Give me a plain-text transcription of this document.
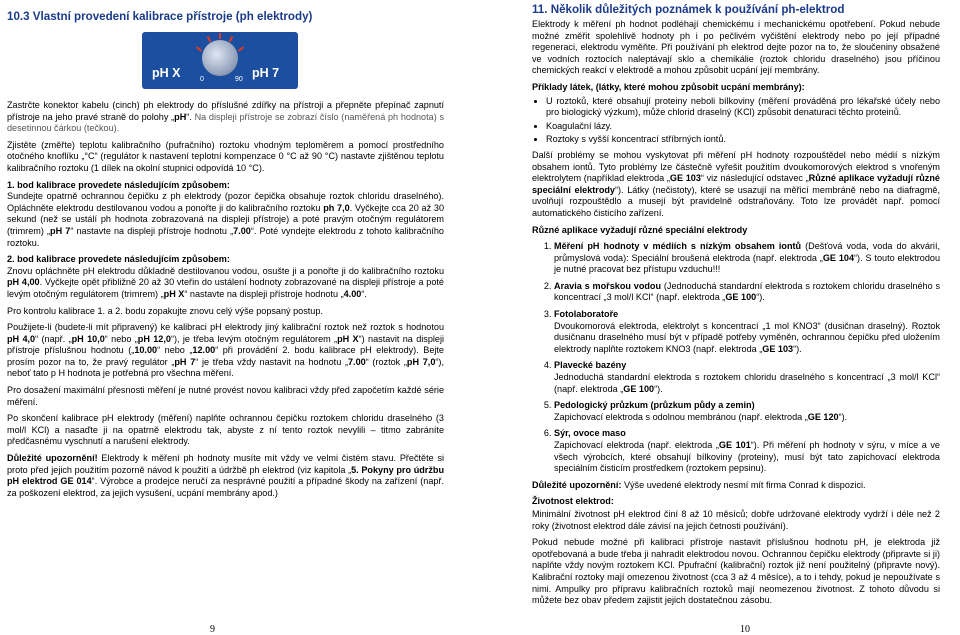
10.3 Vlastní provedení kalibrace přístroje (ph elektrody)
pH X	pH 7
0	90

Zastrčte konektor kabelu (cinch) ph elektrody do příslušné zdířky na přístroji a přepněte přepínač zapnutí přístroje na jeho pravé straně do polohy „pH“. Na displeji přístroje se zobrazí číslo (naměřená ph hodnota) s desetinnou čárkou (tečkou).

Zjistěte (změřte) teplotu kalibračního (pufračního) roztoku vhodným teploměrem a pomocí prostředního otočného knoflíku „°C“ (regulátor k nastavení teplotní kompenzace 0 °C až 90 °C) nastavte zjištěnou teplotu kalibračního roztoku (1 dílek na okolní stupnici odpovídá 10 °C).

1. bod kalibrace provedete následujícím způsobem:
Sundejte opatrně ochrannou čepičku z ph elektrody (pozor čepička obsahuje roztok chloridu draselného). Opláchněte elektrodu destilovanou vodou a ponořte ji do kalibračního roztoku ph 7,0. Vyčkejte cca 20 až 30 sekund (než se ustálí ph hodnota zobrazovaná na displeji přístroje) a poté pravým otočným regulátorem (trimrem) „pH 7“ nastavte na displeji přístroje hodnotu „7.00“. Poté vyndejte elektrodu z tohoto kalibračního roztoku.

2. bod kalibrace provedete následujícím způsobem:
Znovu opláchněte pH elektrodu důkladně destilovanou vodou, osušte ji a ponořte ji do kalibračního roztoku pH 4,00. Vyčkejte opět přibližně 20 až 30 vteřin do ustálení hodnoty zobrazované na displeji přístroje a poté levým otočným regulátorem (trimrem) „pH X“ nastavte na displeji přístroje hodnotu „4.00“.

Pro kontrolu kalibrace 1. a 2. bodu zopakujte znovu celý výše popsaný postup.

Použijete-li (budete-li mít připravený) ke kalibraci pH elektrody jiný kalibrační roztok než roztok s hodnotou pH 4,0“ (např. „pH 10,0“ nebo „pH 12,0“), je třeba levým otočným regulátorem „pH X“) nastavit na displeji přístroje příslušnou hodnotu („10.00“ nebo „12.00“ při provádění 2. bodu kalibrace pH elektrody). Bejte prosím pozor na to, že pravý regulátor „pH 7“ je třeba vždy nastavit na hodnotu „7.00“ (roztok „pH 7,0“), neboť tato p H hodnota je potřebná pro všechna měření.

Pro dosažení maximální přesnosti měření je nutné provést novou kalibraci vždy před započetím každé série měření.

Po skončení kalibrace pH elektrody (měření) naplňte ochrannou čepičku roztokem chloridu draselného (3 mol/l KCl) a nasaďte ji na opatrně elektrodu tak, abyste z ní tento roztok nevylili – titmo zabráníte předčasnému vyschnutí a narušení elektrody.

Důležité upozornění! Elektrody k měření ph hodnoty musíte mít vždy ve velmi čistém stavu. Přečtěte si proto před jejich použitím pozorně návod k použití a údržbě ph elektrod (viz kapitola „5. Pokyny pro údržbu pH elektrod GE 014“. Výrobce a prodejce neručí za nesprávné použití a případné škody na zařízení (např. za poškození elektrod, za jejich vysušení, ucpání membrány apod.)

9
11. Několik důležitých poznámek k používání ph-elektrod

Elektrody k měření ph hodnot podléhají chemickému i mechanickému opotřebení. Pokud nebude možné změřit spolehlivě hodnoty ph i po pečlivém vyčištění elektrody nebo po její případné regeneraci, elektrodu vyměňte. Při používání ph elektrod dejte pozor na to, že sloučeniny obsažené ve vodních roztocích naleptávají sklo a chemikálie (roztok chloridu draselného) jsou příčinou chemických reakcí v elektrodě a mohou způsobit ucpání její membrány.

Příklady látek, (látky, které mohou způsobit ucpání membrány):

• U roztoků, které obsahují proteiny neboli bílkoviny (měření prováděná pro lékařské účely nebo pro biologický výzkum), může chlorid draselný (KCl) způsobit denaturaci těchto proteinů.
• Koagulační lázy.
• Roztoky s vyšší koncentrací stříbrných iontů.

Další problémy se mohou vyskytovat při měření pH hodnoty rozpouštědel nebo médií s nízkým obsahem iontů. Tyto problémy lze částečně vyřešit použitím dvoukomorových elektrod s vnořeným elektrolytem (například elektroda „GE 103“ viz následující odstavec „Různé aplikace vyžadují různé speciální elektrody“). Látky (nečistoty), které se usazují na měřicí membráně nebo na diafragmě, uvolňují rozpouštědlo a musejí být pravidelně odstraňovány. Toto lze provádět např. pomocí automatického čisticího zařízení.

Různé aplikace vyžadují různé speciální elektrody

1. Měření pH hodnoty v médiích s nízkým obsahem iontů (Dešťová voda, voda do akvárií, průmyslová voda): Speciální broušená elektroda (např. elektroda „GE 104“). S touto elektrodou je nutné pracovat bez přístupu vzduchu!!!
2. Aravia s mořskou vodou (Jednoduchá standardní elektroda s roztokem chloridu draselného s koncentrací „3 mol/l KCl“ (např. elektroda „GE 100“).
3. Fotolaboratoře
Dvoukomorová elektroda, elektrolyt s koncentrací „1 mol KNO3“ (dusičnan draselný). Roztok dusičnanu draselného musí být v případě potřeby vyměněn, ochrannou čepičku před uložením elektrody naplňte roztokem KNO3 (např. elektroda „GE 103“).
4. Plavecké bazény
Jednoduchá standardní elektroda s roztokem chloridu draselného s koncentrací „3 mol/l KCl“ (např. elektroda „GE 100“).
5. Pedologický průzkum (průzkum půdy a zemin)
Zapichovací elektroda s odolnou membránou (např. elektroda „GE 120“).
6. Sýr, ovoce maso
Zapichovací elektroda (např. elektroda „GE 101“). Při měření ph hodnoty v sýru, v míce a ve všech výrobcích, které obsahují bílkoviny (proteiny), musí být tato zapichovací elektroda speciálním čisticím prostředkem (roztokem pepsinu).

Důležité upozornění: Výše uvedené elektrody nesmí mít firma Conrad k dispozici.

Životnost elektrod:

Minimální životnost pH elektrod činí 8 až 10 měsíců; dobře udržované elektrody vydrží i déle než 2 roky (životnost elektrod dále závisí na jejich četnosti používání).

Pokud nebude možné při kalibraci přístroje nastavit příslušnou hodnotu pH, je elektroda již opotřebovaná a bude třeba ji nahradit elektrodou novou. Ochrannou čepičku elektrody (připravte si ji) naplňte vždy novým roztokem KCl. Ppufrační (kalibrační) roztok již není použitelný (připravte nový). Kalibrační roztoky mají omezenou životnost (cca 3 až 4 měsíce), a to i tehdy, pokud je nepoužívate s nimi. Ampulky pro přípravu kalibračních roztoků mají neomezenou životnost. Z tohoto důvodu si můžete bez obav předem zajistit jejich dostatečnou zásobu.

10
